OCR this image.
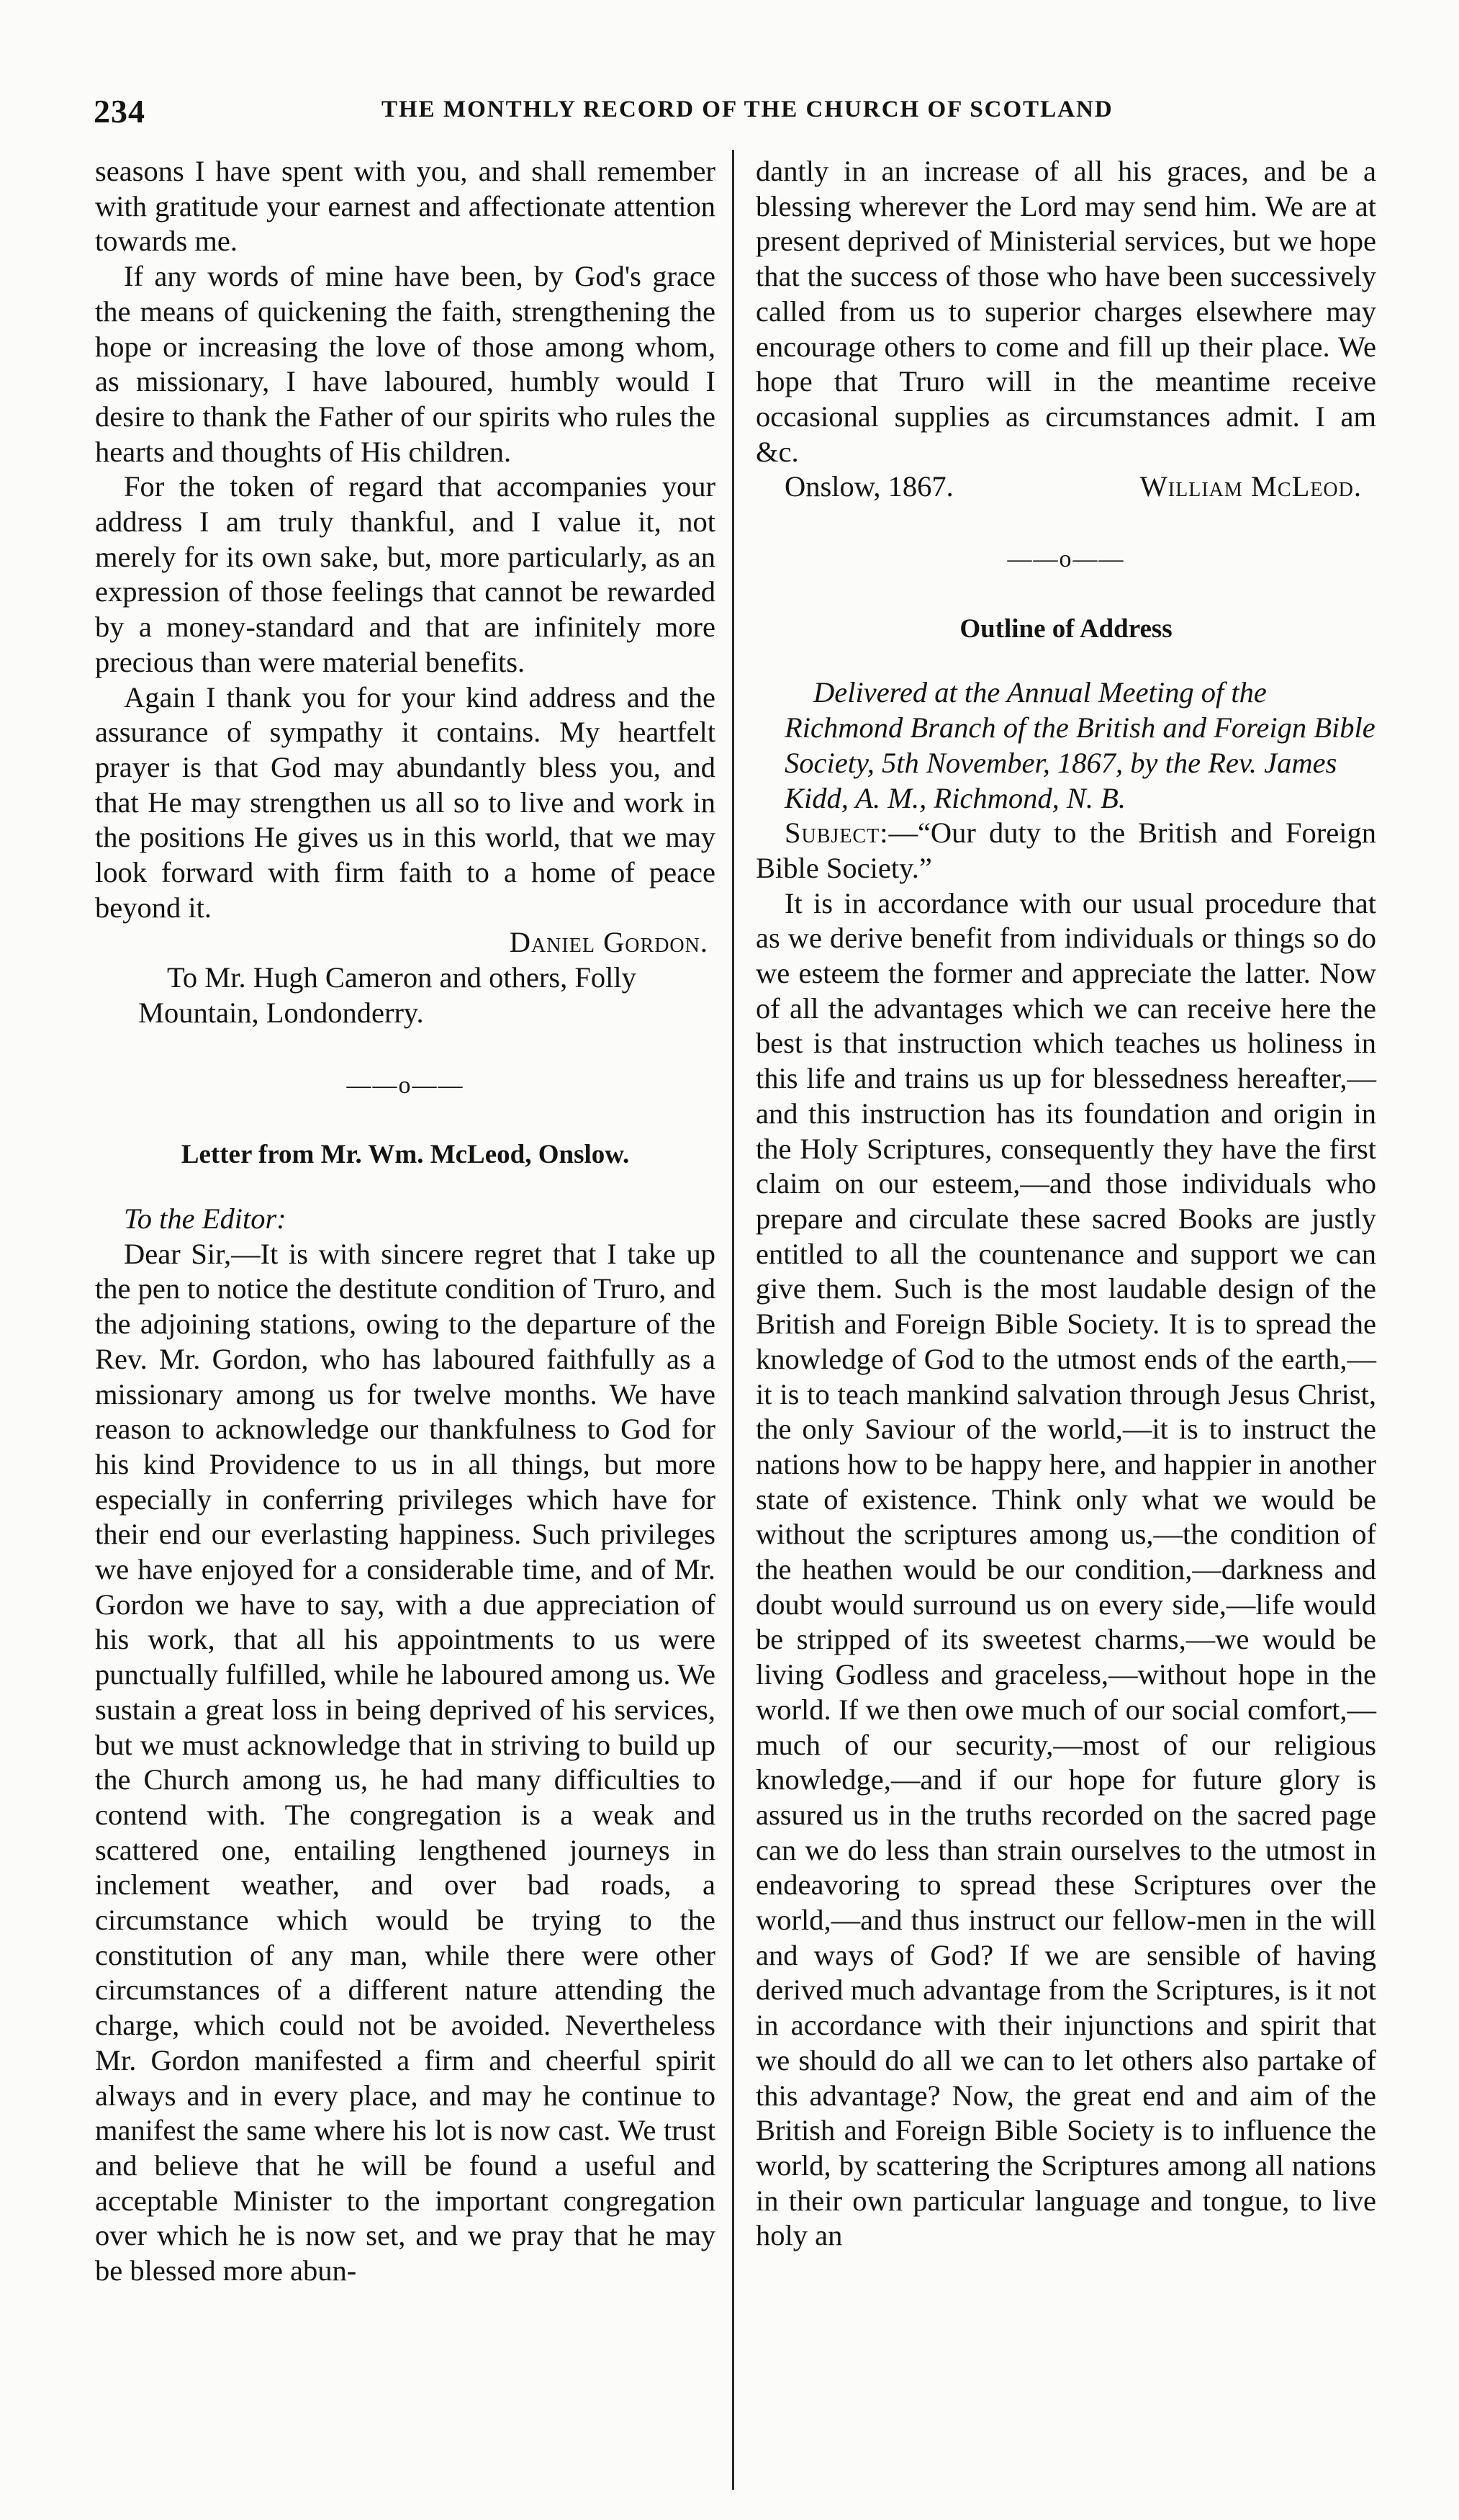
234	THE MONTHLY RECORD OF THE CHURCH OF SCOTLAND

seasons I have spent with you, and shall remember with gratitude your earnest and affectionate attention towards me.

If any words of mine have been, by God's grace the means of quickening the faith, strengthening the hope or increasing the love of those among whom, as missionary, I have laboured, humbly would I desire to thank the Father of our spirits who rules the hearts and thoughts of His children.

For the token of regard that accompanies your address I am truly thankful, and I value it, not merely for its own sake, but, more particularly, as an expression of those feelings that cannot be rewarded by a money-standard and that are infinitely more precious than were material benefits.

Again I thank you for your kind address and the assurance of sympathy it contains. My heartfelt prayer is that God may abundantly bless you, and that He may strengthen us all so to live and work in the positions He gives us in this world, that we may look forward with firm faith to a home of peace beyond it.

Daniel Gordon.

To Mr. Hugh Cameron and others, Folly Mountain, Londonderry.

——o——
Letter from Mr. Wm. McLeod, Onslow.

To the Editor:

Dear Sir,—It is with sincere regret that I take up the pen to notice the destitute condition of Truro, and the adjoining stations, owing to the departure of the Rev. Mr. Gordon, who has laboured faithfully as a missionary among us for twelve months. We have reason to acknowledge our thankfulness to God for his kind Providence to us in all things, but more especially in conferring privileges which have for their end our everlasting happiness. Such privileges we have enjoyed for a considerable time, and of Mr. Gordon we have to say, with a due appreciation of his work, that all his appointments to us were punctually fulfilled, while he laboured among us. We sustain a great loss in being deprived of his services, but we must acknowledge that in striving to build up the Church among us, he had many difficulties to contend with. The congregation is a weak and scattered one, entailing lengthened journeys in inclement weather, and over bad roads, a circumstance which would be trying to the constitution of any man, while there were other circumstances of a different nature attending the charge, which could not be avoided. Nevertheless Mr. Gordon manifested a firm and cheerful spirit always and in every place, and may he continue to manifest the same where his lot is now cast. We trust and believe that he will be found a useful and acceptable Minister to the important congregation over which he is now set, and we pray that he may be blessed more abun-

dantly in an increase of all his graces, and be a blessing wherever the Lord may send him. We are at present deprived of Ministerial services, but we hope that the success of those who have been successively called from us to superior charges elsewhere may encourage others to come and fill up their place. We hope that Truro will in the meantime receive occasional supplies as circumstances admit. I am &c.

Onslow, 1867.	William McLeod.
——o——
Outline of Address

Delivered at the Annual Meeting of the Richmond Branch of the British and Foreign Bible Society, 5th November, 1867, by the Rev. James Kidd, A. M., Richmond, N. B.

Subject:—“Our duty to the British and Foreign Bible Society.”

It is in accordance with our usual procedure that as we derive benefit from individuals or things so do we esteem the former and appreciate the latter. Now of all the advantages which we can receive here the best is that instruction which teaches us holiness in this life and trains us up for blessedness hereafter,—and this instruction has its foundation and origin in the Holy Scriptures, consequently they have the first claim on our esteem,—and those individuals who prepare and circulate these sacred Books are justly entitled to all the countenance and support we can give them. Such is the most laudable design of the British and Foreign Bible Society. It is to spread the knowledge of God to the utmost ends of the earth,—it is to teach mankind salvation through Jesus Christ, the only Saviour of the world,—it is to instruct the nations how to be happy here, and happier in another state of existence. Think only what we would be without the scriptures among us,—the condition of the heathen would be our condition,—darkness and doubt would surround us on every side,—life would be stripped of its sweetest charms,—we would be living Godless and graceless,—without hope in the world. If we then owe much of our social comfort,—much of our security,—most of our religious knowledge,—and if our hope for future glory is assured us in the truths recorded on the sacred page can we do less than strain ourselves to the utmost in endeavoring to spread these Scriptures over the world,—and thus instruct our fellow-men in the will and ways of God? If we are sensible of having derived much advantage from the Scriptures, is it not in accordance with their injunctions and spirit that we should do all we can to let others also partake of this advantage? Now, the great end and aim of the British and Foreign Bible Society is to influence the world, by scattering the Scriptures among all nations in their own particular language and tongue, to live holy an
